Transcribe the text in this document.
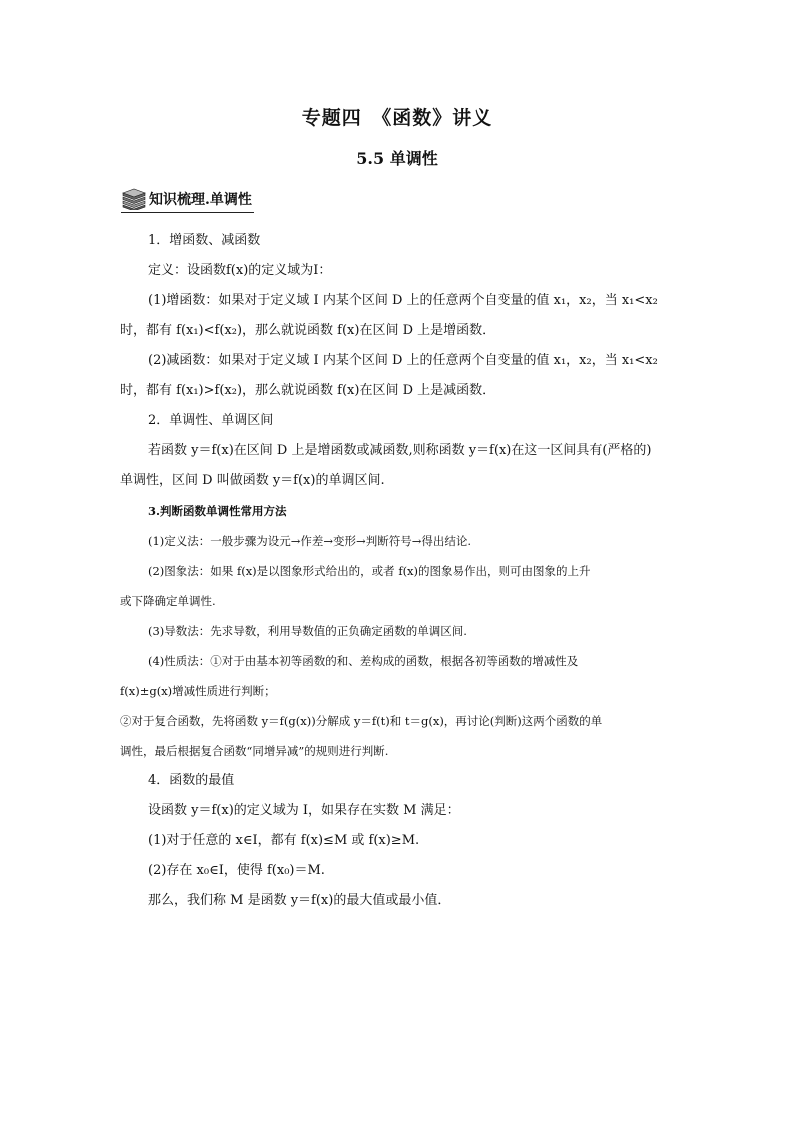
专题四　《函数》讲义
5.5 单调性
知识梳理.单调性
1．增函数、减函数
定义：设函数f(x)的定义域为I：
(1)增函数：如果对于定义域 I 内某个区间 D 上的任意两个自变量的值 x₁，x₂，当 x₁<x₂
时，都有 f(x₁)<f(x₂)，那么就说函数 f(x)在区间 D 上是增函数．
(2)减函数：如果对于定义域 I 内某个区间 D 上的任意两个自变量的值 x₁，x₂，当 x₁<x₂
时，都有 f(x₁)>f(x₂)，那么就说函数 f(x)在区间 D 上是减函数．
2．单调性、单调区间
若函数 y＝f(x)在区间 D 上是增函数或减函数,则称函数 y＝f(x)在这一区间具有(严格的)
单调性，区间 D 叫做函数 y＝f(x)的单调区间.
3.判断函数单调性常用方法
(1)定义法：一般步骤为设元→作差→变形→判断符号→得出结论.
(2)图象法：如果 f(x)是以图象形式给出的，或者 f(x)的图象易作出，则可由图象的上升
或下降确定单调性.
(3)导数法：先求导数，利用导数值的正负确定函数的单调区间.
(4)性质法：①对于由基本初等函数的和、差构成的函数，根据各初等函数的增减性及
f(x)±g(x)增减性质进行判断；
②对于复合函数，先将函数 y＝f(g(x))分解成 y＝f(t)和 t＝g(x)，再讨论(判断)这两个函数的单
调性，最后根据复合函数“同增异减”的规则进行判断.
4．函数的最值
设函数 y＝f(x)的定义域为 I，如果存在实数 M 满足：
(1)对于任意的 x∈I，都有 f(x)≤M 或 f(x)≥M.
(2)存在 x₀∈I，使得 f(x₀)＝M.
那么，我们称 M 是函数 y＝f(x)的最大值或最小值．
